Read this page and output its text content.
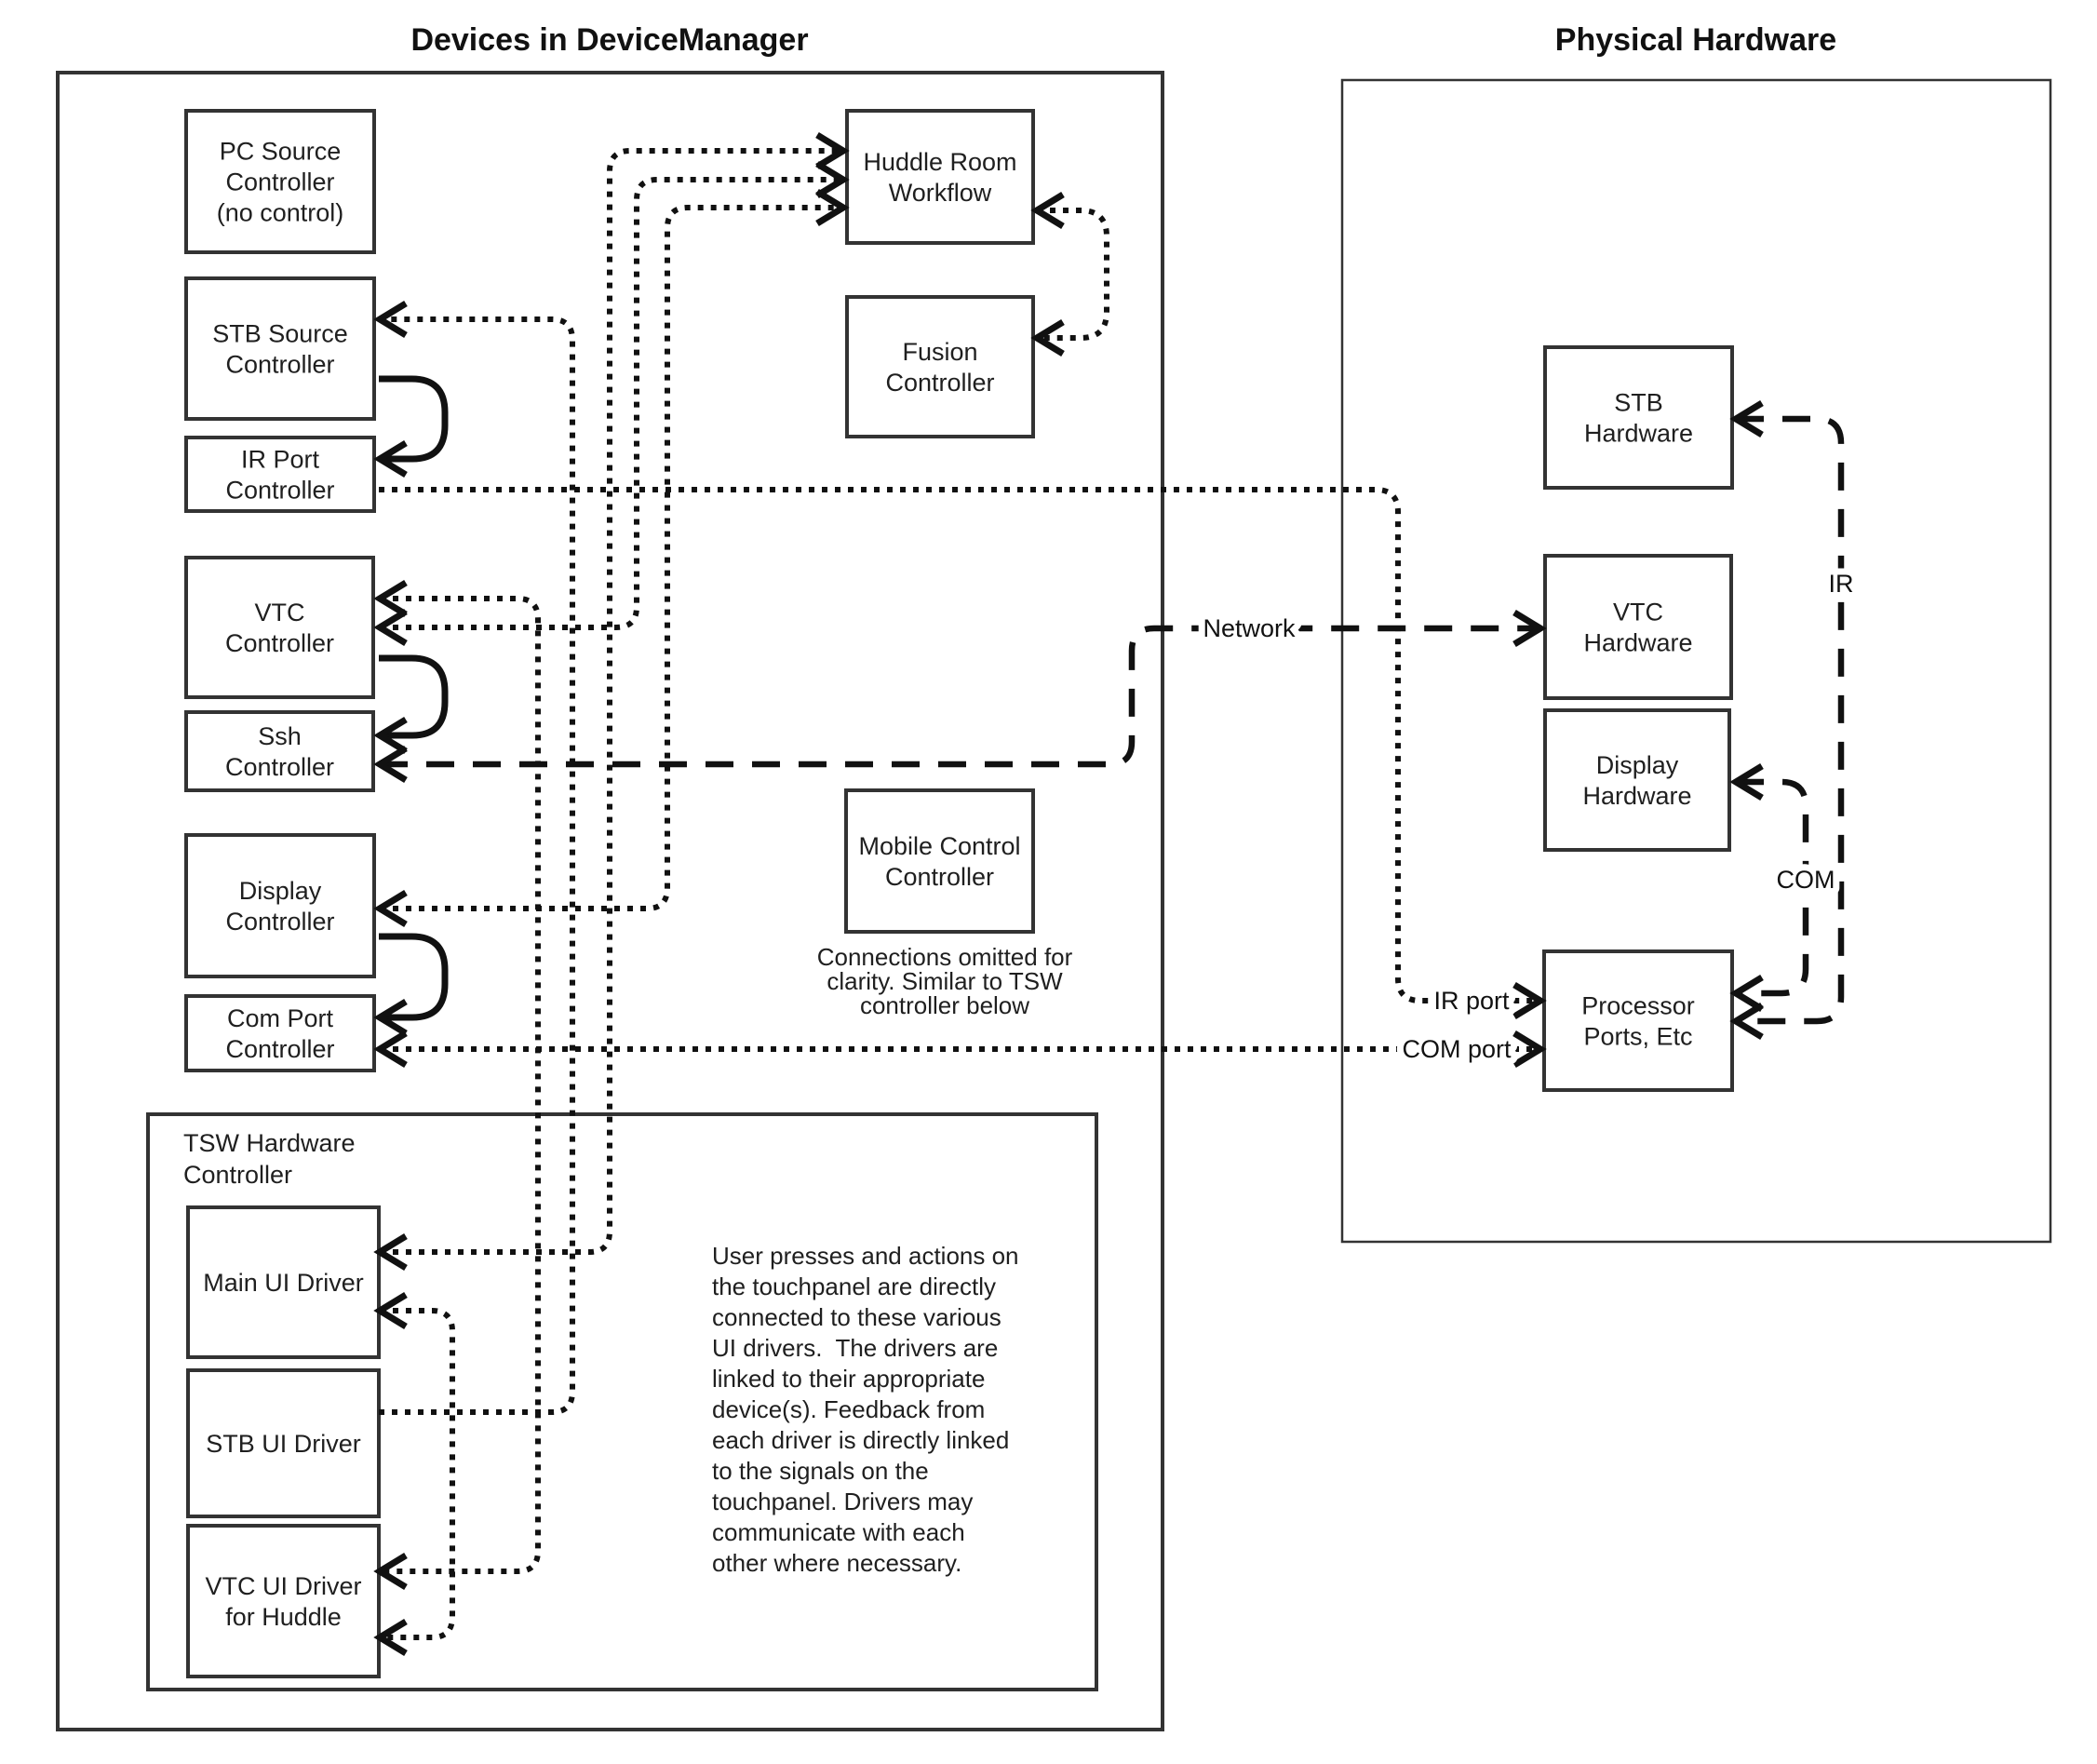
Devices in DeviceManager	Physical Hardware
TSW Hardware
Controller
PC Source Controller (no control)
STB Source Controller
IR Port Controller
VTC Controller
Ssh Controller
Display Controller
Com Port Controller
Main UI Driver
STB UI Driver
VTC UI Driver for Huddle
Huddle Room Workflow
Fusion Controller
Mobile Control Controller
STB Hardware
VTC Hardware
Display Hardware
Processor Ports, Etc
Network
IR
COM
IR port
COM port
Connections omitted for
clarity. Similar to TSW
controller below
User presses and actions on
the touchpanel are directly
connected to these various
UI drivers.  The drivers are
linked to their appropriate
device(s). Feedback from
each driver is directly linked
to the signals on the
touchpanel. Drivers may
communicate with each
other where necessary.
